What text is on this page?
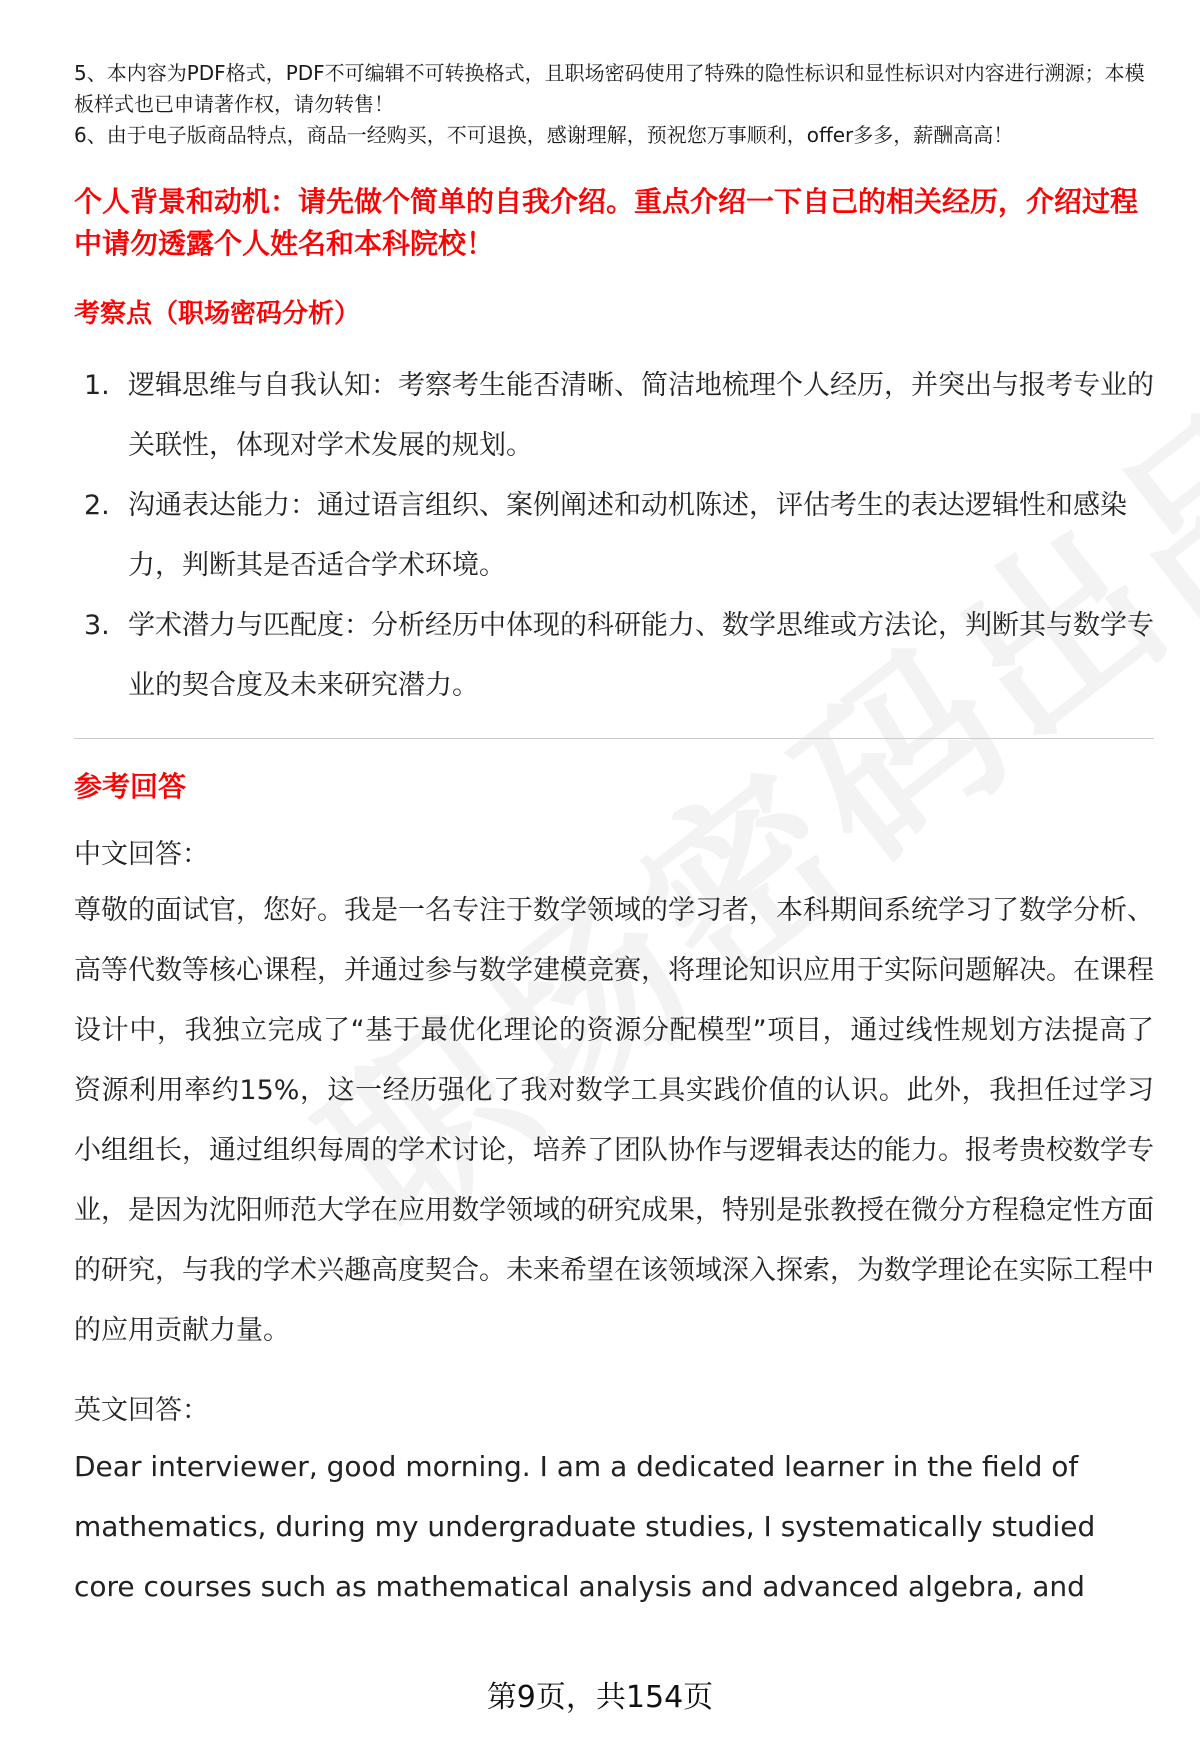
5、本内容为PDF格式，PDF不可编辑不可转换格式，且职场密码使用了特殊的隐性标识和显性标识对内容进行溯源；本模板样式也已申请著作权，请勿转售！

6、由于电子版商品特点，商品一经购买，不可退换，感谢理解，预祝您万事顺利，offer多多，薪酬高高！

个人背景和动机：请先做个简单的自我介绍。重点介绍一下自己的相关经历，介绍过程中请勿透露个人姓名和本科院校！
考察点（职场密码分析）
1. 逻辑思维与自我认知：考察考生能否清晰、简洁地梳理个人经历，并突出与报考专业的关联性，体现对学术发展的规划。
2. 沟通表达能力：通过语言组织、案例阐述和动机陈述，评估考生的表达逻辑性和感染力，判断其是否适合学术环境。
3. 学术潜力与匹配度：分析经历中体现的科研能力、数学思维或方法论，判断其与数学专业的契合度及未来研究潜力。
参考回答
中文回答：

尊敬的面试官，您好。我是一名专注于数学领域的学习者，本科期间系统学习了数学分析、高等代数等核心课程，并通过参与数学建模竞赛，将理论知识应用于实际问题解决。在课程设计中，我独立完成了“基于最优化理论的资源分配模型”项目，通过线性规划方法提高了资源利用率约15%，这一经历强化了我对数学工具实践价值的认识。此外，我担任过学习小组组长，通过组织每周的学术讨论，培养了团队协作与逻辑表达的能力。报考贵校数学专业，是因为沈阳师范大学在应用数学领域的研究成果，特别是张教授在微分方程稳定性方面的研究，与我的学术兴趣高度契合。未来希望在该领域深入探索，为数学理论在实际工程中的应用贡献力量。

英文回答：

Dear interviewer, good morning. I am a dedicated learner in the field of mathematics, during my undergraduate studies, I systematically studied core courses such as mathematical analysis and advanced algebra, and

第9页，共154页
